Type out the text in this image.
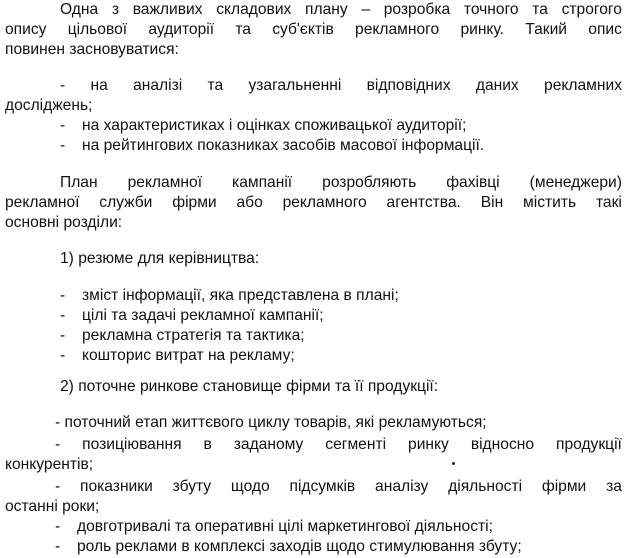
Одна з важливих складових плану – розробка точного та строгого
опису цільової аудиторії та суб'єктів рекламного ринку. Такий опис
повинен засновуватися:
- на аналізі та узагальненні відповідних даних рекламних
досліджень;
- на характеристиках і оцінках споживацької аудиторії;
- на рейтингових показниках засобів масової інформації.
План рекламної кампанії розробляють фахівці (менеджери)
рекламної служби фірми або рекламного агентства. Він містить такі
основні розділи:
1) резюме для керівництва:
- зміст інформації, яка представлена в плані;
- цілі та задачі рекламної кампанії;
- рекламна стратегія та тактика;
- кошторис витрат на рекламу;
2) поточне ринкове становище фірми та її продукції:
- поточний етап життєвого циклу товарів, які рекламуються;
- позиціювання в заданому сегменті ринку відносно продукції
конкурентів;
- показники збуту щодо підсумків аналізу діяльності фірми за
останні роки;
- довготривалі та оперативні цілі маркетингової діяльності;
- роль реклами в комплексі заходів щодо стимулювання збуту;
